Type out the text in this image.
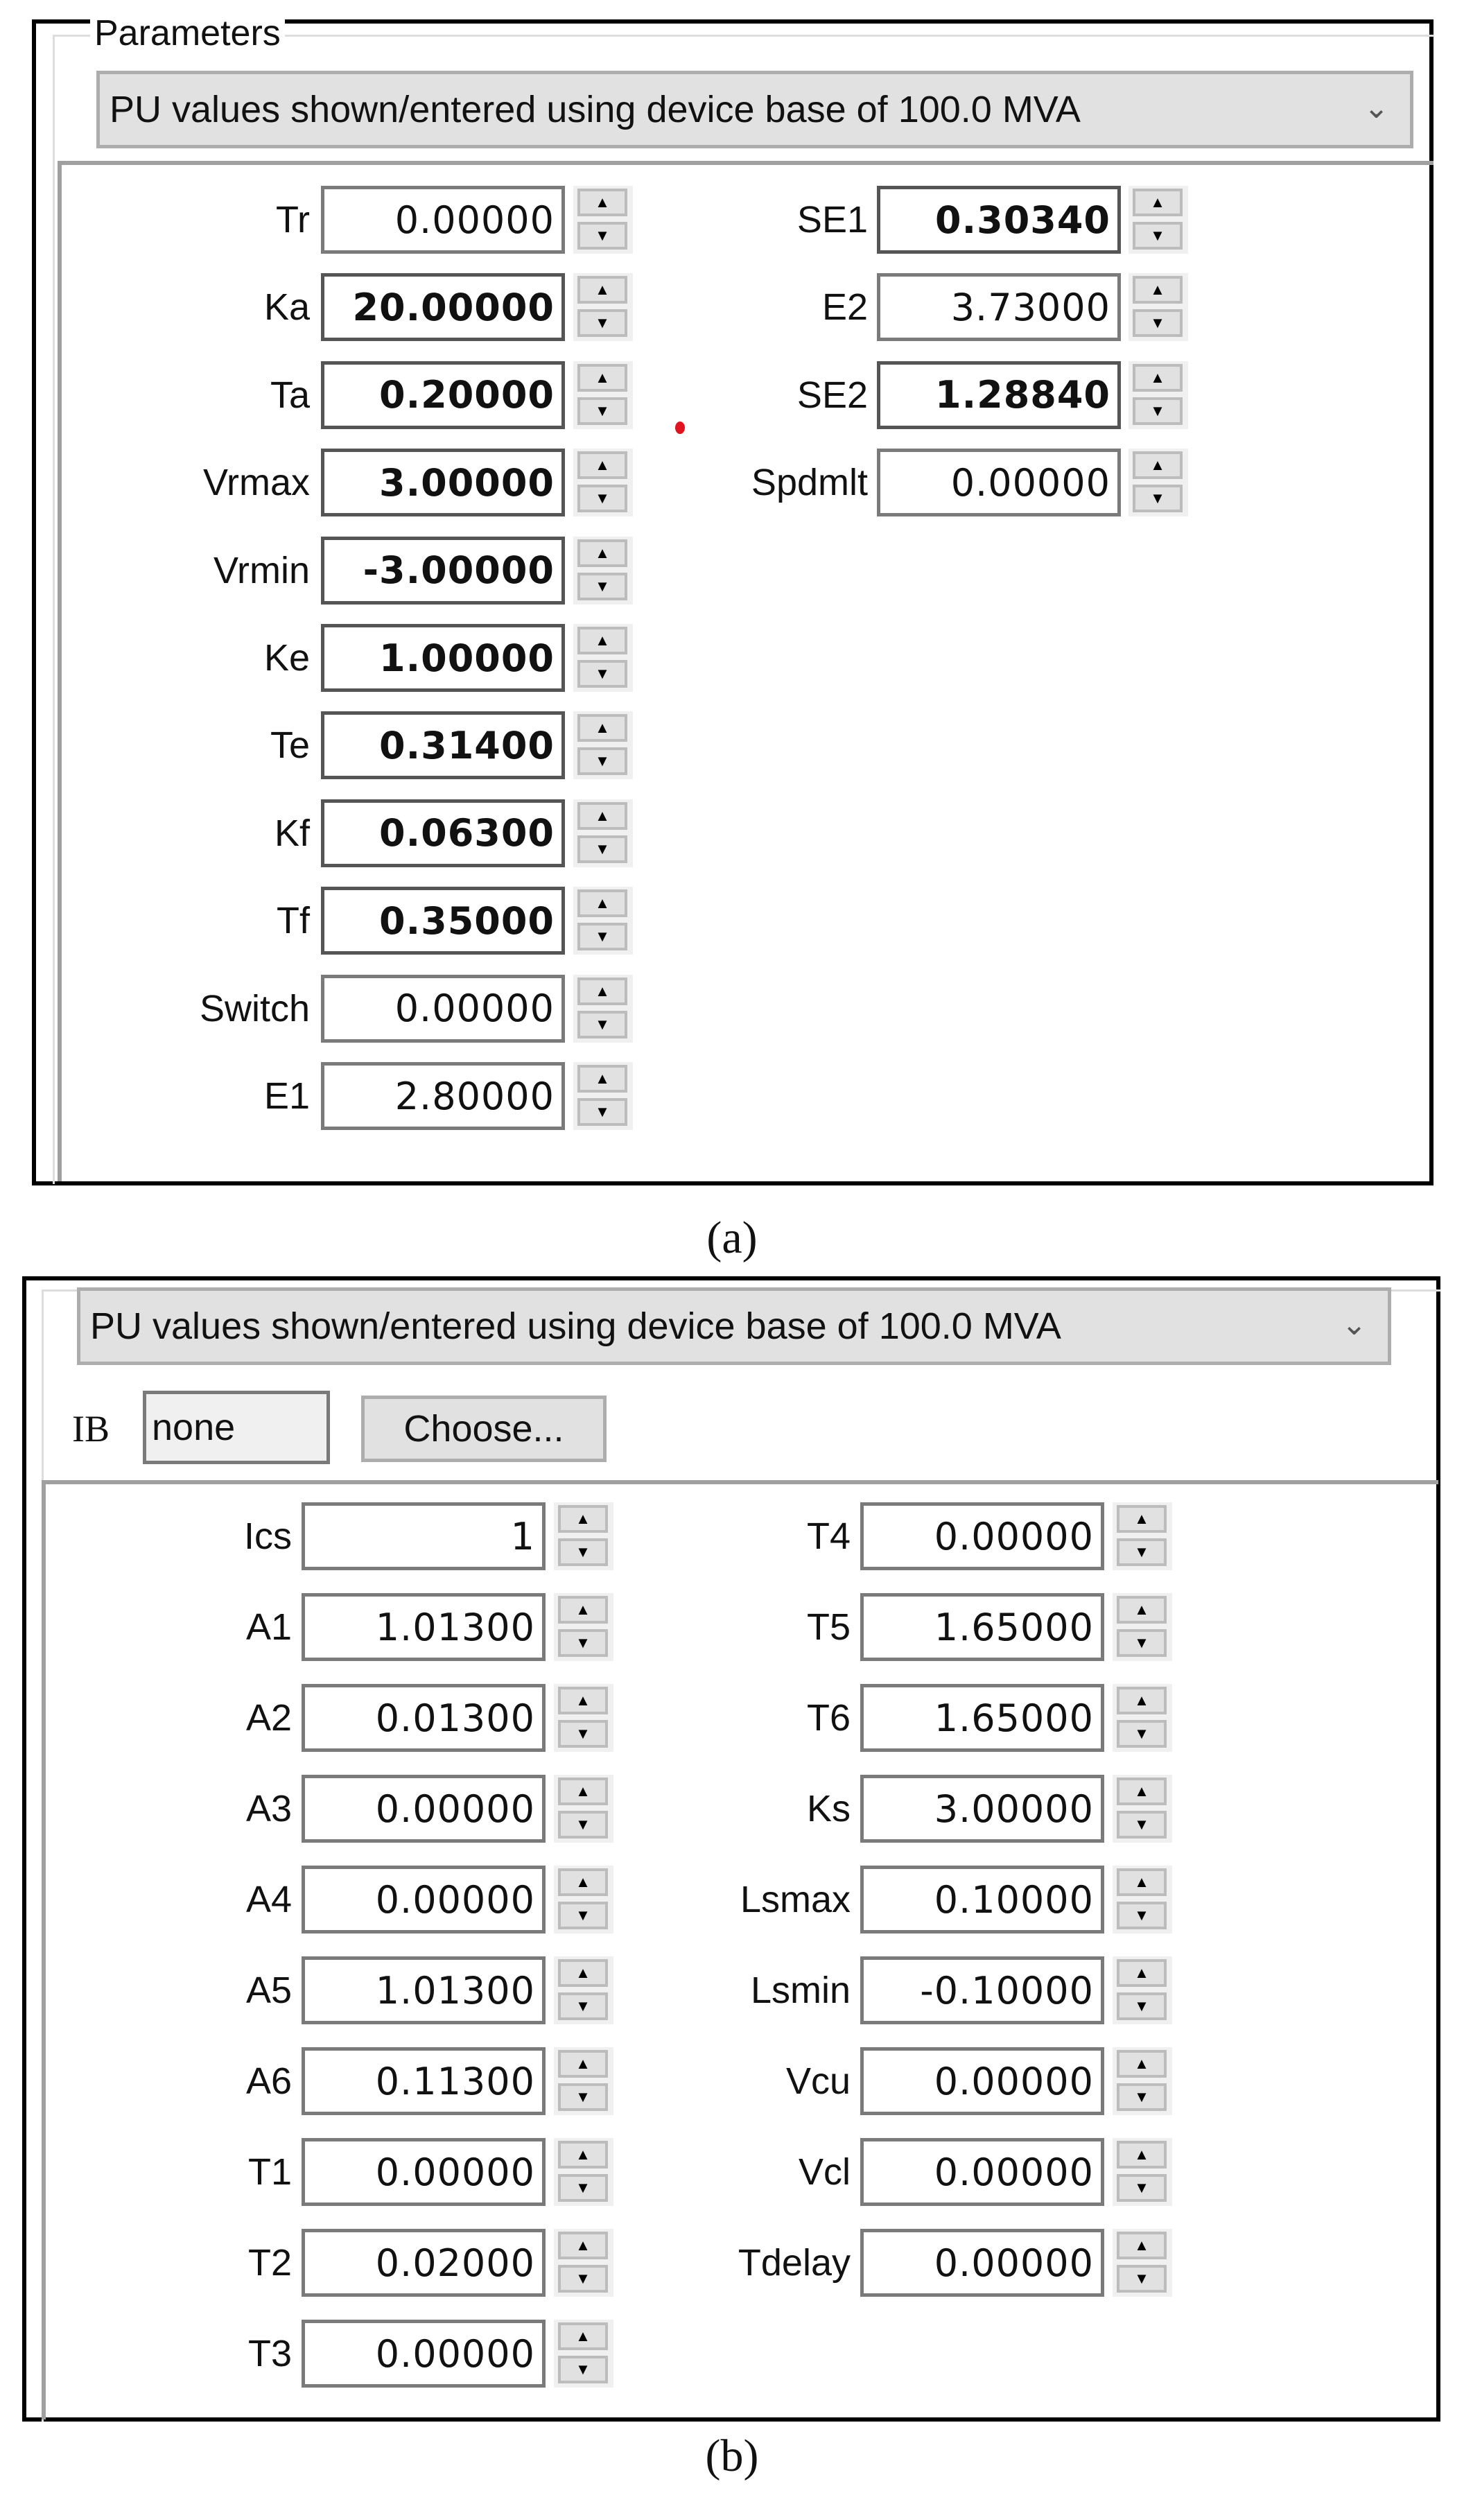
Parameters
PU values shown/entered using device base of 100.0 MVA	⌄
Tr	0.00000	▲
▼
Ka	20.00000	▲
▼
Ta	0.20000	▲
▼
Vrmax	3.00000	▲
▼
Vrmin	-3.00000	▲
▼
Ke	1.00000	▲
▼
Te	0.31400	▲
▼
Kf	0.06300	▲
▼
Tf	0.35000	▲
▼
Switch	0.00000	▲
▼
E1	2.80000	▲
▼
SE1	0.30340	▲
▼
E2	3.73000	▲
▼
SE2	1.28840	▲
▼
Spdmlt	0.00000	▲
▼
(a)
PU values shown/entered using device base of 100.0 MVA	⌄
IB none	Choose...
Ics	1	▲
▼
A1	1.01300	▲
▼
A2	0.01300	▲
▼
A3	0.00000	▲
▼
A4	0.00000	▲
▼
A5	1.01300	▲
▼
A6	0.11300	▲
▼
T1	0.00000	▲
▼
T2	0.02000	▲
▼
T3	0.00000	▲
▼
T4	0.00000	▲
▼
T5	1.65000	▲
▼
T6	1.65000	▲
▼
Ks	3.00000	▲
▼
Lsmax	0.10000	▲
▼
Lsmin	-0.10000	▲
▼
Vcu	0.00000	▲
▼
Vcl	0.00000	▲
▼
Tdelay	0.00000	▲
▼
(b)
